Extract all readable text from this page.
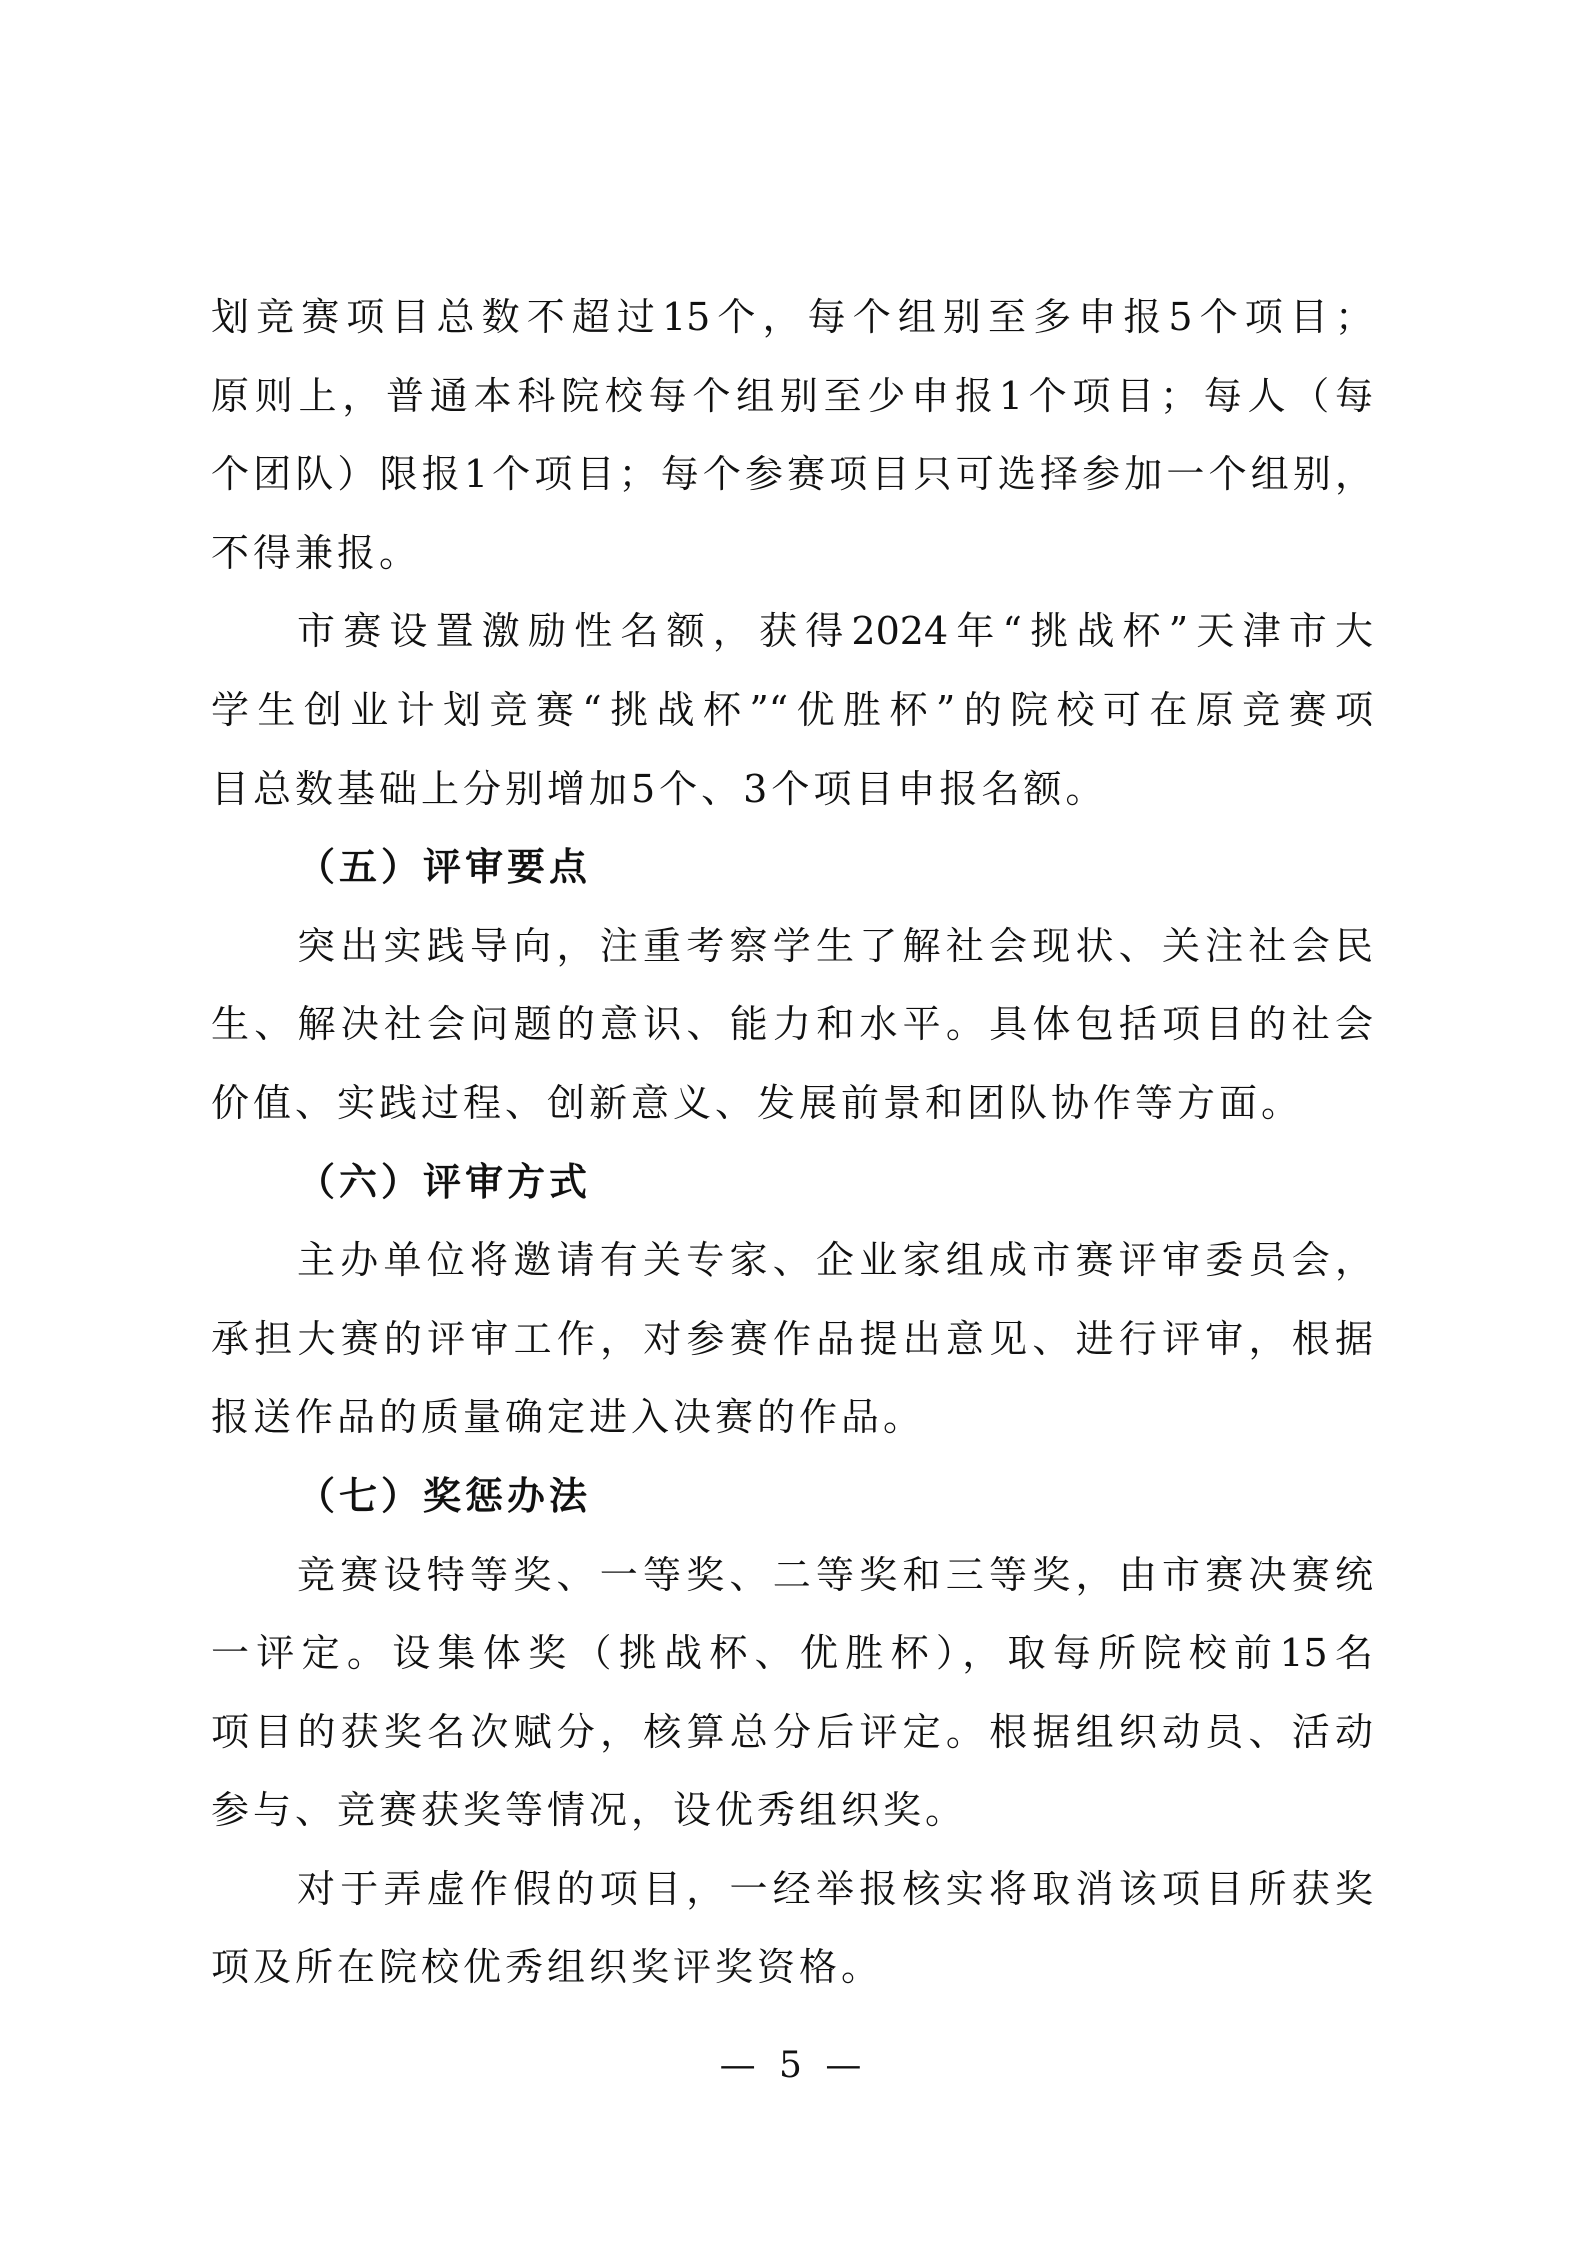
划竞赛项目总数不超过15个，每个组别至多申报5个项目；
原则上，普通本科院校每个组别至少申报1个项目；每人（每
个团队）限报1个项目；每个参赛项目只可选择参加一个组别，
不得兼报。
市赛设置激励性名额，获得2024年“挑战杯”天津市大
学生创业计划竞赛“挑战杯”“优胜杯”的院校可在原竞赛项
目总数基础上分别增加5个、3个项目申报名额。
（五）评审要点
突出实践导向，注重考察学生了解社会现状、关注社会民
生、解决社会问题的意识、能力和水平。具体包括项目的社会
价值、实践过程、创新意义、发展前景和团队协作等方面。
（六）评审方式
主办单位将邀请有关专家、企业家组成市赛评审委员会，
承担大赛的评审工作，对参赛作品提出意见、进行评审，根据
报送作品的质量确定进入决赛的作品。
（七）奖惩办法
竞赛设特等奖、一等奖、二等奖和三等奖，由市赛决赛统
一评定。设集体奖（挑战杯、优胜杯），取每所院校前15名
项目的获奖名次赋分，核算总分后评定。根据组织动员、活动
参与、竞赛获奖等情况，设优秀组织奖。
对于弄虚作假的项目，一经举报核实将取消该项目所获奖
项及所在院校优秀组织奖评奖资格。
— 5 —
